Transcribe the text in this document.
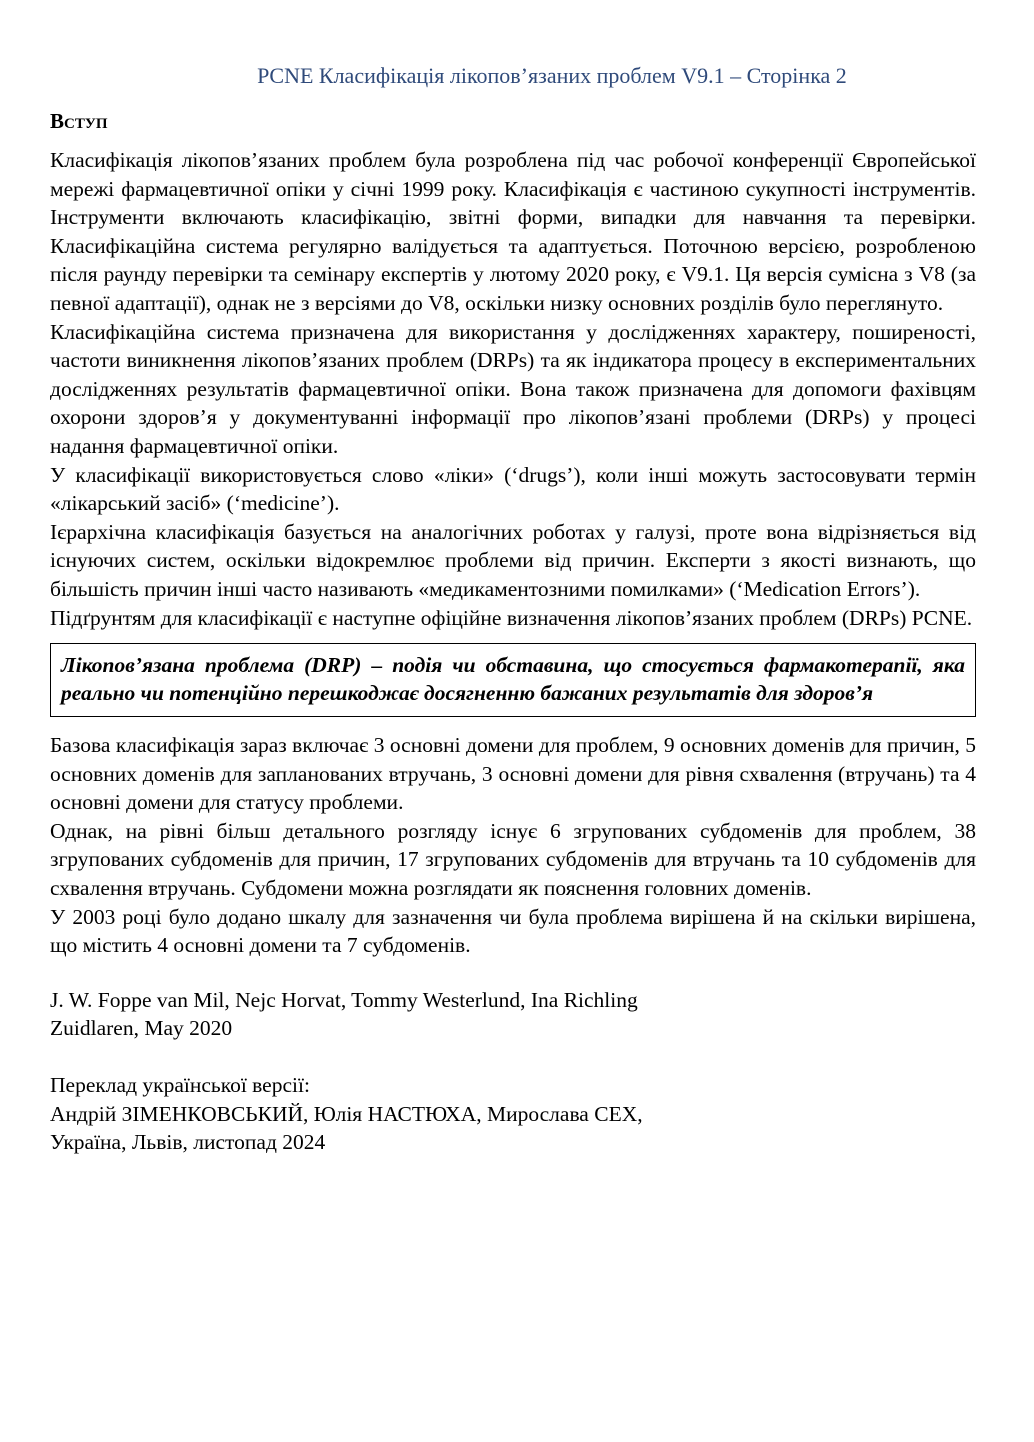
PCNE Класифікація лікопов’язаних проблем V9.1 – Сторінка 2
Вступ

Класифікація лікопов’язаних проблем була розроблена під час робочої конференції Європейської мережі фармацевтичної опіки у січні 1999 року. Класифікація є частиною сукупності інструментів. Інструменти включають класифікацію, звітні форми, випадки для навчання та перевірки. Класифікаційна система регулярно валідується та адаптується. Поточною версією, розробленою після раунду перевірки та семінару експертів у лютому 2020 року, є V9.1. Ця версія сумісна з V8 (за певної адаптації), однак не з версіями до V8, оскільки низку основних розділів було переглянуто.

Класифікаційна система призначена для використання у дослідженнях характеру, поширеності, частоти виникнення лікопов’язаних проблем (DRPs) та як індикатора процесу в експериментальних дослідженнях результатів фармацевтичної опіки. Вона також призначена для допомоги фахівцям охорони здоров’я у документуванні інформації про лікопов’язані проблеми (DRPs) у процесі надання фармацевтичної опіки.

У класифікації використовується слово «ліки» (‘drugs’), коли інші можуть застосовувати термін «лікарський засіб» (‘medicine’).

Ієрархічна класифікація базується на аналогічних роботах у галузі, проте вона відрізняється від існуючих систем, оскільки відокремлює проблеми від причин. Експерти з якості визнають, що більшість причин інші часто називають «медикаментозними помилками» (‘Medication Errors’).

Підґрунтям для класифікації є наступне офіційне визначення лікопов’язаних проблем (DRPs) PCNE.

Лікопов’язана проблема (DRP) – подія чи обставина, що стосується фармакотерапії, яка реально чи потенційно перешкоджає досягненню бажаних результатів для здоров’я

Базова класифікація зараз включає 3 основні домени для проблем, 9 основних доменів для причин, 5 основних доменів для запланованих втручань, 3 основні домени для рівня схвалення (втручань) та 4 основні домени для статусу проблеми.

Однак, на рівні більш детального розгляду існує 6 згрупованих субдоменів для проблем, 38 згрупованих субдоменів для причин, 17 згрупованих субдоменів для втручань та 10 субдоменів для схвалення втручань. Субдомени можна розглядати як пояснення головних доменів.

У 2003 році було додано шкалу для зазначення чи була проблема вирішена й на скільки вирішена, що містить 4 основні домени та 7 субдоменів.

J. W. Foppe van Mil, Nejc Horvat, Tommy Westerlund, Ina Richling
Zuidlaren, May 2020
Переклад української версії:
Андрій ЗІМЕНКОВСЬКИЙ, Юлія НАСТЮХА, Мирослава СЕХ,
Україна, Львів, листопад 2024
